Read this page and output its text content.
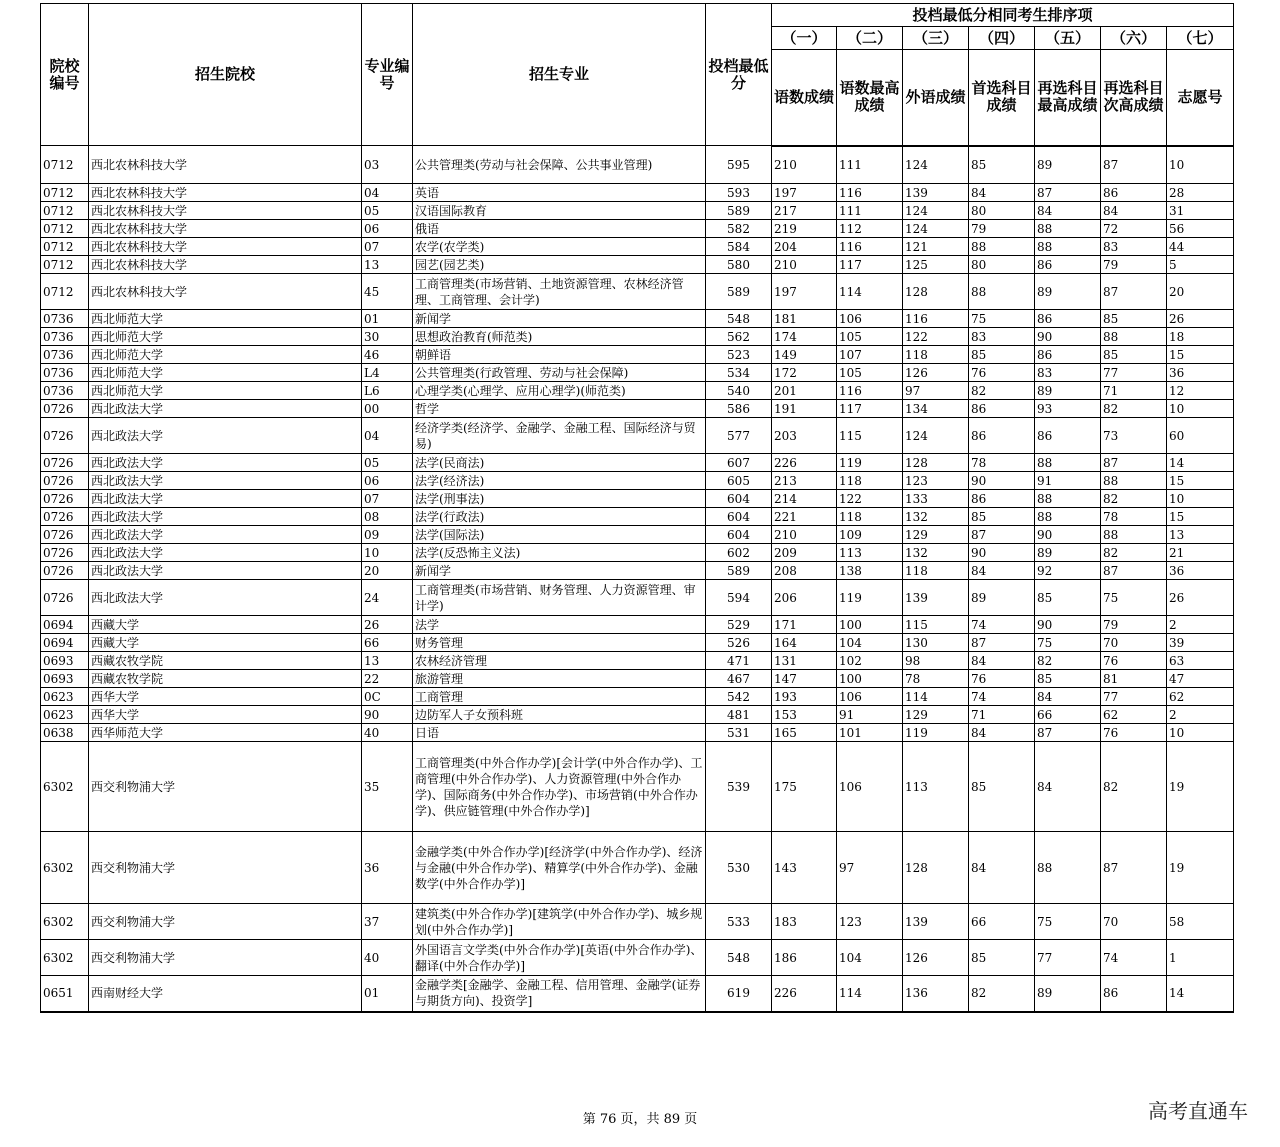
院校编号	招生院校	专业编号	招生专业	投档最低分	投档最低分相同考生排序项						
					（一）	（二）	（三）	（四）	（五）	（六）	（七）
					语数成绩	语数最高成绩	外语成绩	首选科目成绩	再选科目最高成绩	再选科目次高成绩	志愿号
0712	西北农林科技大学	03	公共管理类(劳动与社会保障、公共事业管理)	595	210	111	124	85	89	87	10
0712	西北农林科技大学	04	英语	593	197	116	139	84	87	86	28
0712	西北农林科技大学	05	汉语国际教育	589	217	111	124	80	84	84	31
0712	西北农林科技大学	06	俄语	582	219	112	124	79	88	72	56
0712	西北农林科技大学	07	农学(农学类)	584	204	116	121	88	88	83	44
0712	西北农林科技大学	13	园艺(园艺类)	580	210	117	125	80	86	79	5
0712	西北农林科技大学	45	工商管理类(市场营销、土地资源管理、农林经济管理、工商管理、会计学)	589	197	114	128	88	89	87	20
0736	西北师范大学	01	新闻学	548	181	106	116	75	86	85	26
0736	西北师范大学	30	思想政治教育(师范类)	562	174	105	122	83	90	88	18
0736	西北师范大学	46	朝鲜语	523	149	107	118	85	86	85	15
0736	西北师范大学	L4	公共管理类(行政管理、劳动与社会保障)	534	172	105	126	76	83	77	36
0736	西北师范大学	L6	心理学类(心理学、应用心理学)(师范类)	540	201	116	97	82	89	71	12
0726	西北政法大学	00	哲学	586	191	117	134	86	93	82	10
0726	西北政法大学	04	经济学类(经济学、金融学、金融工程、国际经济与贸易)	577	203	115	124	86	86	73	60
0726	西北政法大学	05	法学(民商法)	607	226	119	128	78	88	87	14
0726	西北政法大学	06	法学(经济法)	605	213	118	123	90	91	88	15
0726	西北政法大学	07	法学(刑事法)	604	214	122	133	86	88	82	10
0726	西北政法大学	08	法学(行政法)	604	221	118	132	85	88	78	15
0726	西北政法大学	09	法学(国际法)	604	210	109	129	87	90	88	13
0726	西北政法大学	10	法学(反恐怖主义法)	602	209	113	132	90	89	82	21
0726	西北政法大学	20	新闻学	589	208	138	118	84	92	87	36
0726	西北政法大学	24	工商管理类(市场营销、财务管理、人力资源管理、审计学)	594	206	119	139	89	85	75	26
0694	西藏大学	26	法学	529	171	100	115	74	90	79	2
0694	西藏大学	66	财务管理	526	164	104	130	87	75	70	39
0693	西藏农牧学院	13	农林经济管理	471	131	102	98	84	82	76	63
0693	西藏农牧学院	22	旅游管理	467	147	100	78	76	85	81	47
0623	西华大学	0C	工商管理	542	193	106	114	74	84	77	62
0623	西华大学	90	边防军人子女预科班	481	153	91	129	71	66	62	2
0638	西华师范大学	40	日语	531	165	101	119	84	87	76	10
6302	西交利物浦大学	35	工商管理类(中外合作办学)[会计学(中外合作办学)、工商管理(中外合作办学)、人力资源管理(中外合作办学)、国际商务(中外合作办学)、市场营销(中外合作办学)、供应链管理(中外合作办学)]	539	175	106	113	85	84	82	19
6302	西交利物浦大学	36	金融学类(中外合作办学)[经济学(中外合作办学)、经济与金融(中外合作办学)、精算学(中外合作办学)、金融数学(中外合作办学)]	530	143	97	128	84	88	87	19
6302	西交利物浦大学	37	建筑类(中外合作办学)[建筑学(中外合作办学)、城乡规划(中外合作办学)]	533	183	123	139	66	75	70	58
6302	西交利物浦大学	40	外国语言文学类(中外合作办学)[英语(中外合作办学)、翻译(中外合作办学)]	548	186	104	126	85	77	74	1
0651	西南财经大学	01	金融学类[金融学、金融工程、信用管理、金融学(证券与期货方向)、投资学]	619	226	114	136	82	89	86	14
第 76 页，共 89 页	高考直通车
